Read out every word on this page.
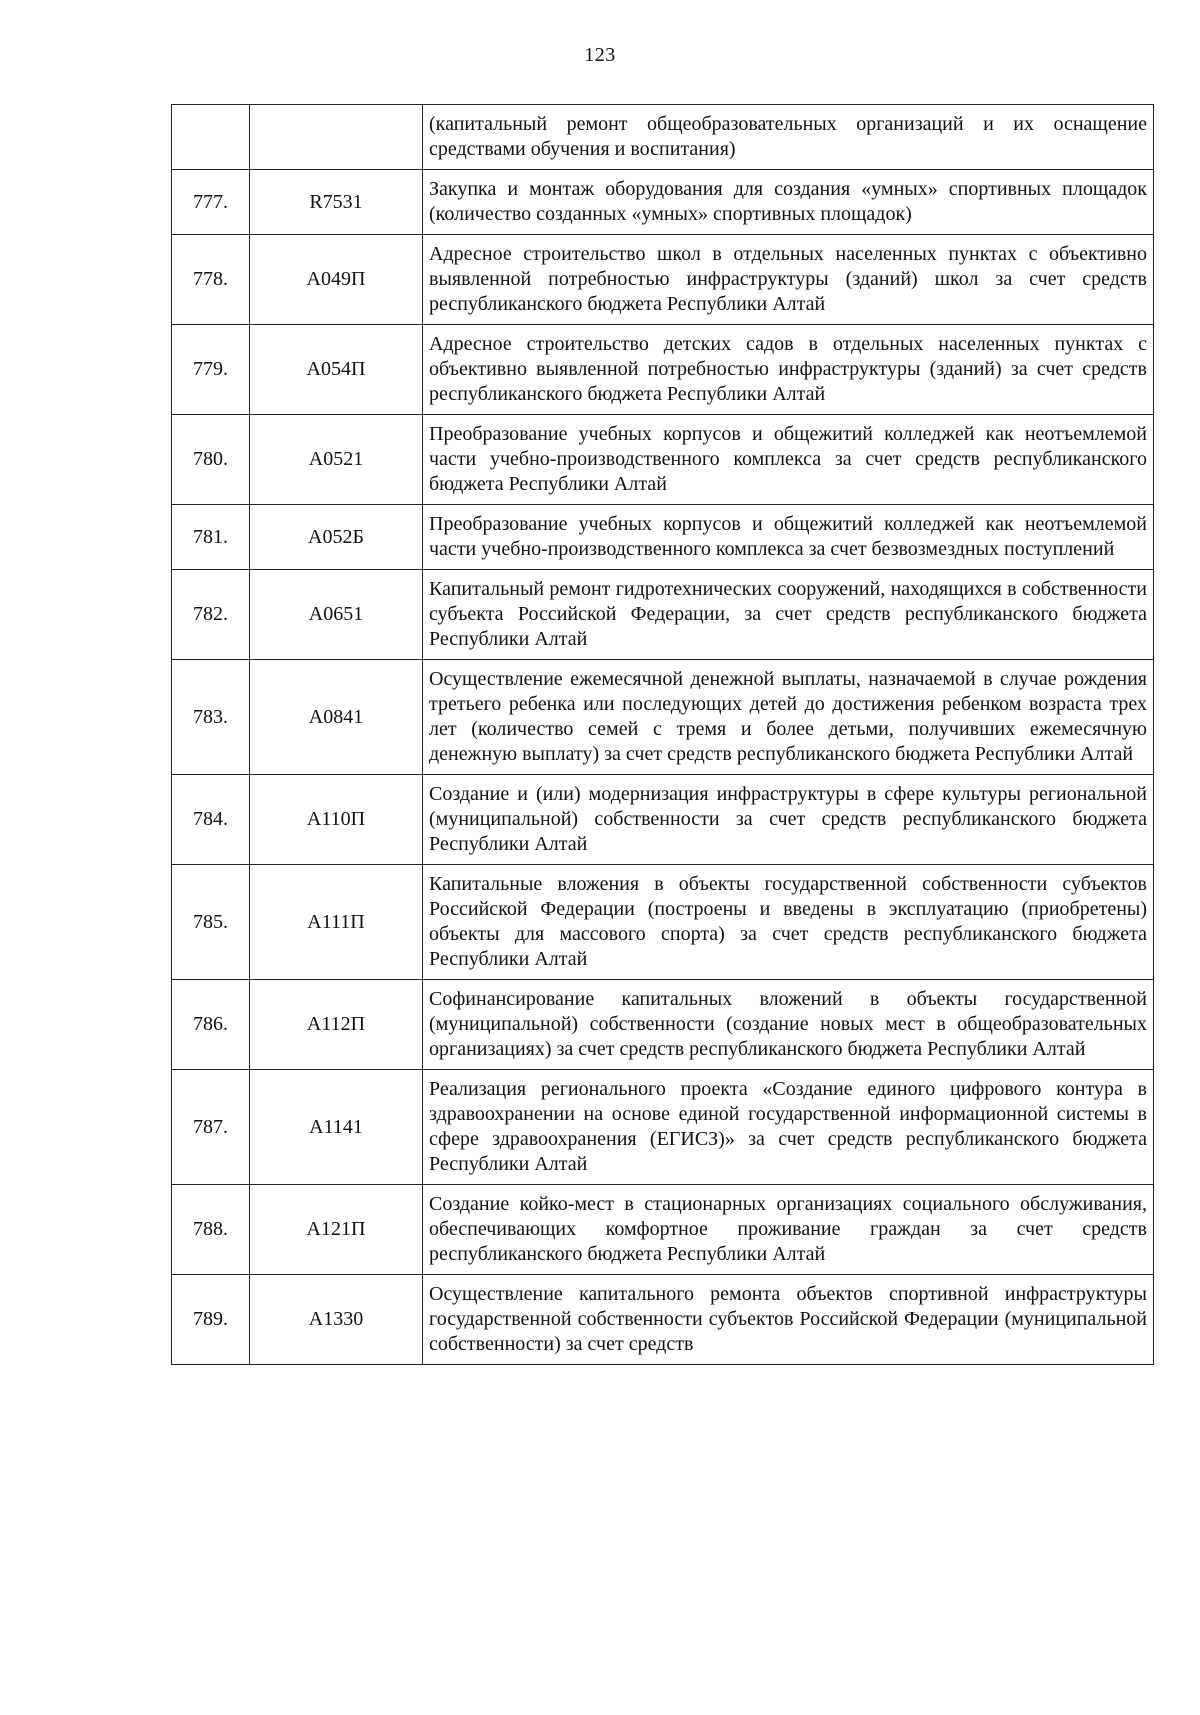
123
		(капитальный ремонт общеобразовательных организаций и их оснащение средствами обучения и воспитания)
777.	R7531	Закупка и монтаж оборудования для создания «умных» спортивных площадок (количество созданных «умных» спортивных площадок)
778.	А049П	Адресное строительство школ в отдельных населенных пунктах с объективно выявленной потребностью инфраструктуры (зданий) школ за счет средств республиканского бюджета Республики Алтай
779.	А054П	Адресное строительство детских садов в отдельных населенных пунктах с объективно выявленной потребностью инфраструктуры (зданий) за счет средств республиканского бюджета Республики Алтай
780.	А0521	Преобразование учебных корпусов и общежитий колледжей как неотъемлемой части учебно-производственного комплекса за счет средств республиканского бюджета Республики Алтай
781.	А052Б	Преобразование учебных корпусов и общежитий колледжей как неотъемлемой части учебно-производственного комплекса за счет безвозмездных поступлений
782.	А0651	Капитальный ремонт гидротехнических сооружений, находящихся в собственности субъекта Российской Федерации, за счет средств республиканского бюджета Республики Алтай
783.	А0841	Осуществление ежемесячной денежной выплаты, назначаемой в случае рождения третьего ребенка или последующих детей до достижения ребенком возраста трех лет (количество семей с тремя и более детьми, получивших ежемесячную денежную выплату) за счет средств республиканского бюджета Республики Алтай
784.	А110П	Создание и (или) модернизация инфраструктуры в сфере культуры региональной (муниципальной) собственности за счет средств республиканского бюджета Республики Алтай
785.	А111П	Капитальные вложения в объекты государственной собственности субъектов Российской Федерации (построены и введены в эксплуатацию (приобретены) объекты для массового спорта) за счет средств республиканского бюджета Республики Алтай
786.	А112П	Софинансирование капитальных вложений в объекты государственной (муниципальной) собственности (создание новых мест в общеобразовательных организациях) за счет средств республиканского бюджета Республики Алтай
787.	А1141	Реализация регионального проекта «Создание единого цифрового контура в здравоохранении на основе единой государственной информационной системы в сфере здравоохранения (ЕГИСЗ)» за счет средств республиканского бюджета Республики Алтай
788.	А121П	Создание койко-мест в стационарных организациях социального обслуживания, обеспечивающих комфортное проживание граждан за счет средств республиканского бюджета Республики Алтай
789.	А1330	Осуществление капитального ремонта объектов спортивной инфраструктуры государственной собственности субъектов Российской Федерации (муниципальной собственности) за счет средств
